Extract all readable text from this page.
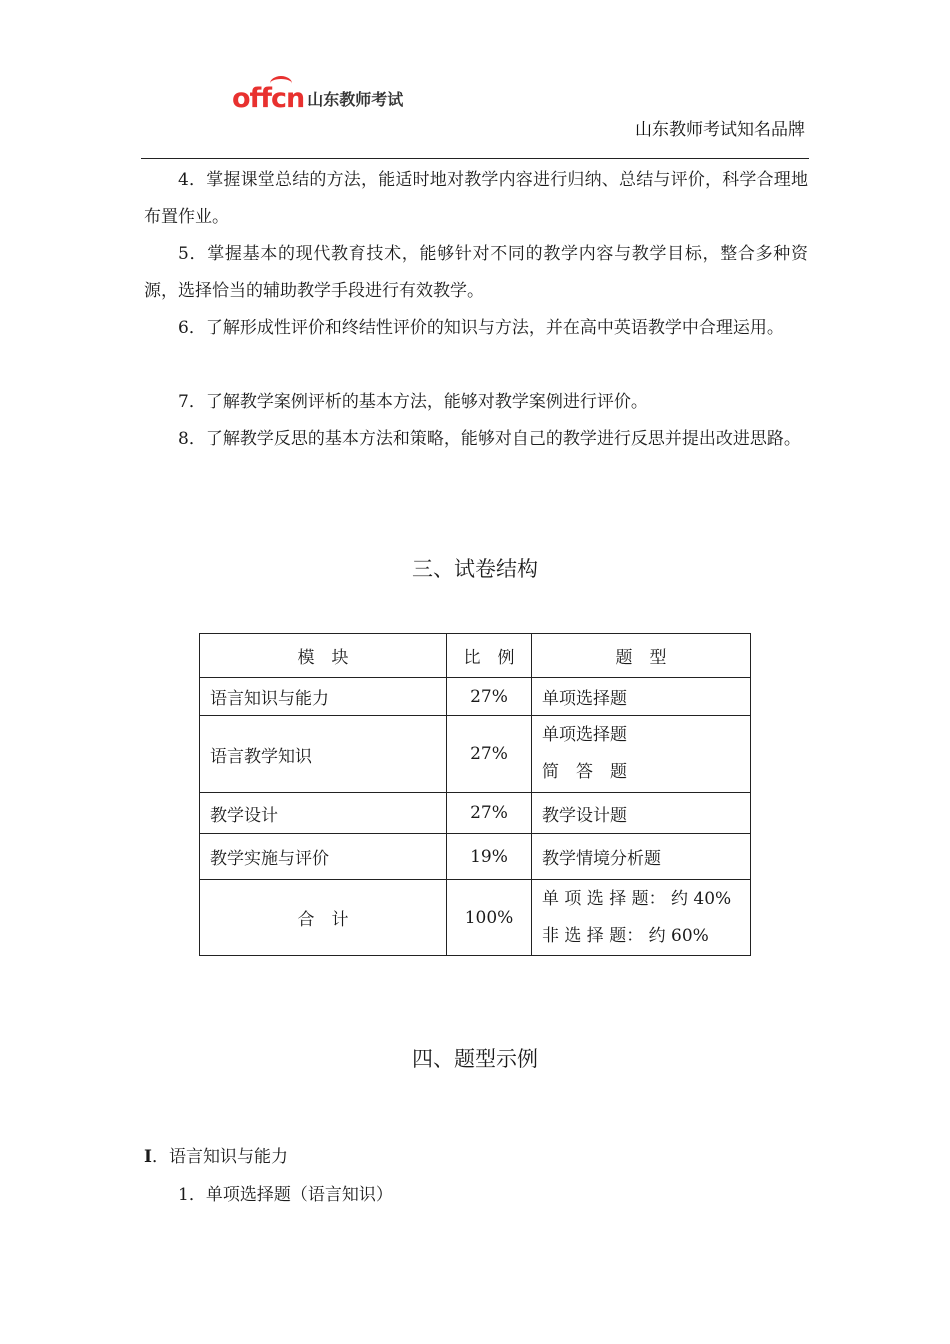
offcn 山东教师考试
山东教师考试知名品牌
4．掌握课堂总结的方法，能适时地对教学内容进行归纳、总结与评价，科学合理地布置作业。
5．掌握基本的现代教育技术，能够针对不同的教学内容与教学目标，整合多种资源，选择恰当的辅助教学手段进行有效教学。
6．了解形成性评价和终结性评价的知识与方法，并在高中英语教学中合理运用。
7．了解教学案例评析的基本方法，能够对教学案例进行评价。
8．了解教学反思的基本方法和策略，能够对自己的教学进行反思并提出改进思路。
三、试卷结构
模　块	比　例	题　型
语言知识与能力	27%	单项选择题
语言教学知识	27%	单项选择题
简　答　题

教学设计	27%	教学设计题
教学实施与评价	19%	教学情境分析题
合　计	100%	单 项 选 择 题： 约 40%
非 选 择 题： 约 60%
四、题型示例
I．语言知识与能力
1．单项选择题（语言知识）
